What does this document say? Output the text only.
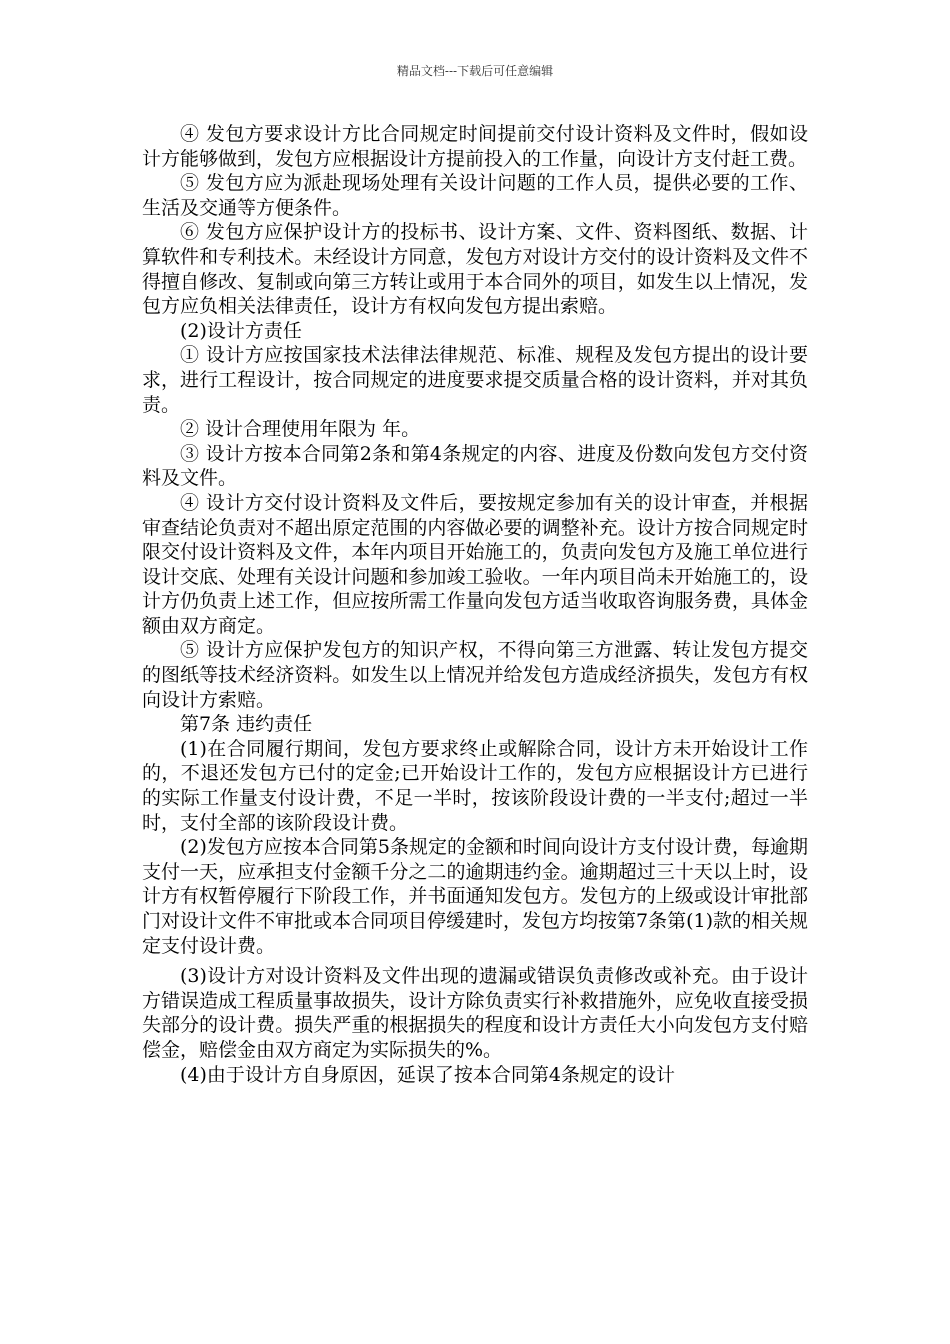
精品文档---下载后可任意编辑

④ 发包方要求设计方比合同规定时间提前交付设计资料及文件时，假如设计方能够做到，发包方应根据设计方提前投入的工作量，向设计方支付赶工费。

⑤ 发包方应为派赴现场处理有关设计问题的工作人员，提供必要的工作、生活及交通等方便条件。

⑥ 发包方应保护设计方的投标书、设计方案、文件、资料图纸、数据、计算软件和专利技术。未经设计方同意，发包方对设计方交付的设计资料及文件不得擅自修改、复制或向第三方转让或用于本合同外的项目，如发生以上情况，发包方应负相关法律责任，设计方有权向发包方提出索赔。

(2)设计方责任

① 设计方应按国家技术法律法律规范、标准、规程及发包方提出的设计要求，进行工程设计，按合同规定的进度要求提交质量合格的设计资料，并对其负责。

② 设计合理使用年限为 年。

③ 设计方按本合同第2条和第4条规定的内容、进度及份数向发包方交付资料及文件。

④ 设计方交付设计资料及文件后，要按规定参加有关的设计审查，并根据审查结论负责对不超出原定范围的内容做必要的调整补充。设计方按合同规定时限交付设计资料及文件，本年内项目开始施工的，负责向发包方及施工单位进行设计交底、处理有关设计问题和参加竣工验收。一年内项目尚未开始施工的，设计方仍负责上述工作，但应按所需工作量向发包方适当收取咨询服务费，具体金额由双方商定。

⑤ 设计方应保护发包方的知识产权，不得向第三方泄露、转让发包方提交的图纸等技术经济资料。如发生以上情况并给发包方造成经济损失，发包方有权向设计方索赔。

第7条 违约责任

(1)在合同履行期间，发包方要求终止或解除合同，设计方未开始设计工作的，不退还发包方已付的定金;已开始设计工作的，发包方应根据设计方已进行的实际工作量支付设计费，不足一半时，按该阶段设计费的一半支付;超过一半时，支付全部的该阶段设计费。

(2)发包方应按本合同第5条规定的金额和时间向设计方支付设计费，每逾期支付一天，应承担支付金额千分之二的逾期违约金。逾期超过三十天以上时，设计方有权暂停履行下阶段工作，并书面通知发包方。发包方的上级或设计审批部门对设计文件不审批或本合同项目停缓建时，发包方均按第7条第(1)款的相关规定支付设计费。

(3)设计方对设计资料及文件出现的遗漏或错误负责修改或补充。由于设计方错误造成工程质量事故损失，设计方除负责实行补救措施外，应免收直接受损失部分的设计费。损失严重的根据损失的程度和设计方责任大小向发包方支付赔偿金，赔偿金由双方商定为实际损失的%。

(4)由于设计方自身原因，延误了按本合同第4条规定的设计
